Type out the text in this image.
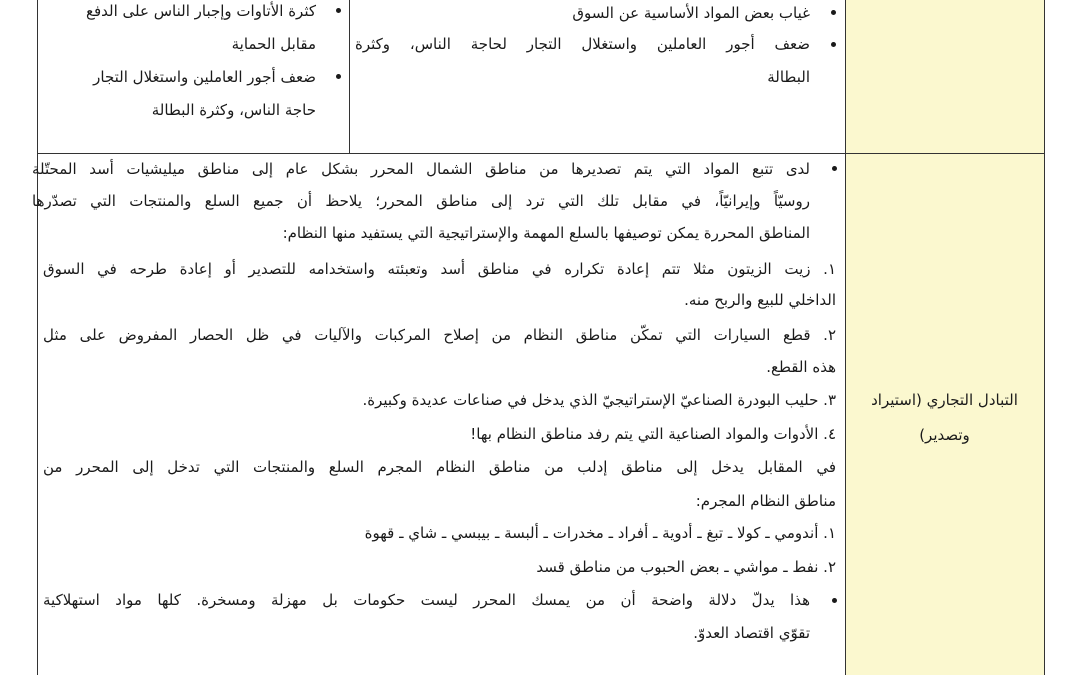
كثرة الأتاوات وإجبار الناس على الدفع
مقابل الحماية
ضعف أجور العاملين واستغلال التجار
حاجة الناس، وكثرة البطالة
غياب بعض المواد الأساسية عن السوق
ضعف أجور العاملين واستغلال التجار لحاجة الناس، وكثرة
البطالة
التبادل التجاري (استيراد
وتصدير)
لدى تتبع المواد التي يتم تصديرها من مناطق الشمال المحرر بشكل عام إلى مناطق ميليشيات أسد المحتّلة
روسيّاً وإيرانيّاً، في مقابل تلك التي ترد إلى مناطق المحرر؛ يلاحظ أن جميع السلع والمنتجات التي تصدّرها
المناطق المحررة يمكن توصيفها بالسلع المهمة والإستراتيجية التي يستفيد منها النظام:
١. زيت الزيتون مثلا تتم إعادة تكراره في مناطق أسد وتعبئته واستخدامه للتصدير أو إعادة طرحه في السوق
الداخلي للبيع والربح منه.
٢. قطع السيارات التي تمكّن مناطق النظام من إصلاح المركبات والآليات في ظل الحصار المفروض على مثل
هذه القطع.
٣. حليب البودرة الصناعيّ الإستراتيجيّ الذي يدخل في صناعات عديدة وكبيرة.
٤. الأدوات والمواد الصناعية التي يتم رفد مناطق النظام بها!
في المقابل يدخل إلى مناطق إدلب من مناطق النظام المجرم السلع والمنتجات التي تدخل إلى المحرر من
مناطق النظام المجرم:
١. أندومي ـ كولا ـ تبغ ـ أدوية ـ أفراد ـ مخدرات ـ ألبسة ـ بيبسي ـ شاي ـ قهوة
٢. نفط ـ مواشي ـ بعض الحبوب من مناطق قسد
هذا يدلّ دلالة واضحة أن من يمسك المحرر ليست حكومات بل مهزلة ومسخرة. كلها مواد استهلاكية
تقوّي اقتصاد العدوّ.
